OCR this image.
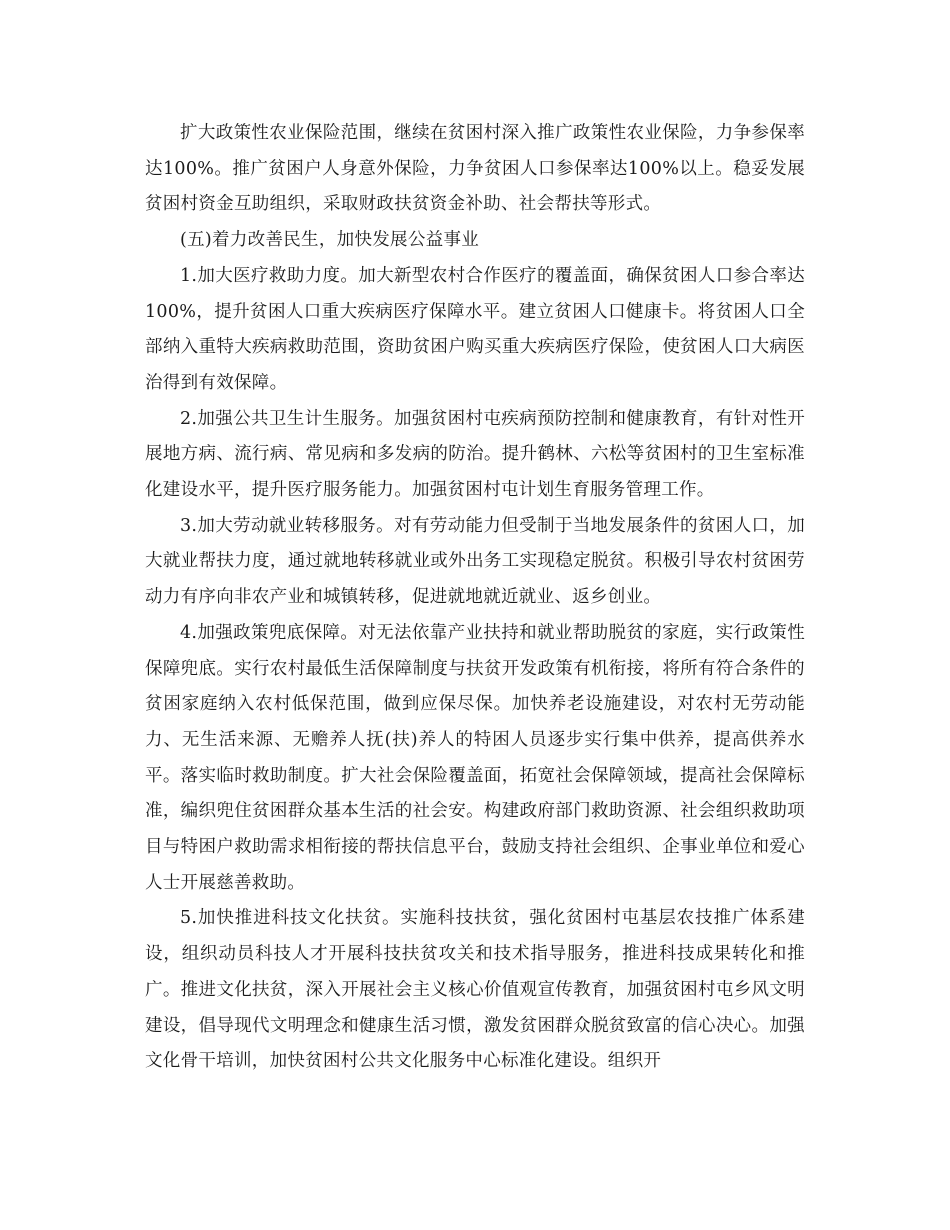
扩大政策性农业保险范围，继续在贫困村深入推广政策性农业保险，力争参保率达100%。推广贫困户人身意外保险，力争贫困人口参保率达100%以上。稳妥发展贫困村资金互助组织，采取财政扶贫资金补助、社会帮扶等形式。

(五)着力改善民生，加快发展公益事业

1.加大医疗救助力度。加大新型农村合作医疗的覆盖面，确保贫困人口参合率达100%，提升贫困人口重大疾病医疗保障水平。建立贫困人口健康卡。将贫困人口全部纳入重特大疾病救助范围，资助贫困户购买重大疾病医疗保险，使贫困人口大病医治得到有效保障。

2.加强公共卫生计生服务。加强贫困村屯疾病预防控制和健康教育，有针对性开展地方病、流行病、常见病和多发病的防治。提升鹤林、六松等贫困村的卫生室标准化建设水平，提升医疗服务能力。加强贫困村屯计划生育服务管理工作。

3.加大劳动就业转移服务。对有劳动能力但受制于当地发展条件的贫困人口，加大就业帮扶力度，通过就地转移就业或外出务工实现稳定脱贫。积极引导农村贫困劳动力有序向非农产业和城镇转移，促进就地就近就业、返乡创业。

4.加强政策兜底保障。对无法依靠产业扶持和就业帮助脱贫的家庭，实行政策性保障兜底。实行农村最低生活保障制度与扶贫开发政策有机衔接，将所有符合条件的贫困家庭纳入农村低保范围，做到应保尽保。加快养老设施建设，对农村无劳动能力、无生活来源、无赡养人抚(扶)养人的特困人员逐步实行集中供养，提高供养水平。落实临时救助制度。扩大社会保险覆盖面，拓宽社会保障领域，提高社会保障标准，编织兜住贫困群众基本生活的社会安。构建政府部门救助资源、社会组织救助项目与特困户救助需求相衔接的帮扶信息平台，鼓励支持社会组织、企事业单位和爱心人士开展慈善救助。

5.加快推进科技文化扶贫。实施科技扶贫，强化贫困村屯基层农技推广体系建设，组织动员科技人才开展科技扶贫攻关和技术指导服务，推进科技成果转化和推广。推进文化扶贫，深入开展社会主义核心价值观宣传教育，加强贫困村屯乡风文明建设，倡导现代文明理念和健康生活习惯，激发贫困群众脱贫致富的信心决心。加强文化骨干培训，加快贫困村公共文化服务中心标准化建设。组织开
